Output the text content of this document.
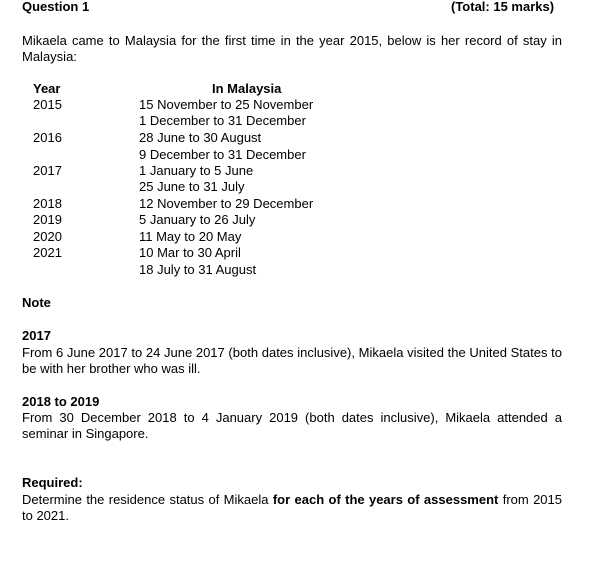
Question 1	(Total: 15 marks)
Mikaela came to Malaysia for the first time in the year 2015, below is her record of stay in Malaysia:
Year	In Malaysia
2015	15 November to 25 November
1 December to 31 December
2016	28 June to 30 August
9 December to 31 December
2017	1 January to 5 June
25 June to 31 July
2018	12 November to 29 December
2019	5 January to 26 July
2020	11 May to 20 May
2021	10 Mar to 30 April
18 July to 31 August
Note
2017
From 6 June 2017 to 24 June 2017 (both dates inclusive), Mikaela visited the United States to be with her brother who was ill.
2018 to 2019
From 30 December 2018 to 4 January 2019 (both dates inclusive), Mikaela attended a seminar in Singapore.
Required:
Determine the residence status of Mikaela for each of the years of assessment from 2015 to 2021.
